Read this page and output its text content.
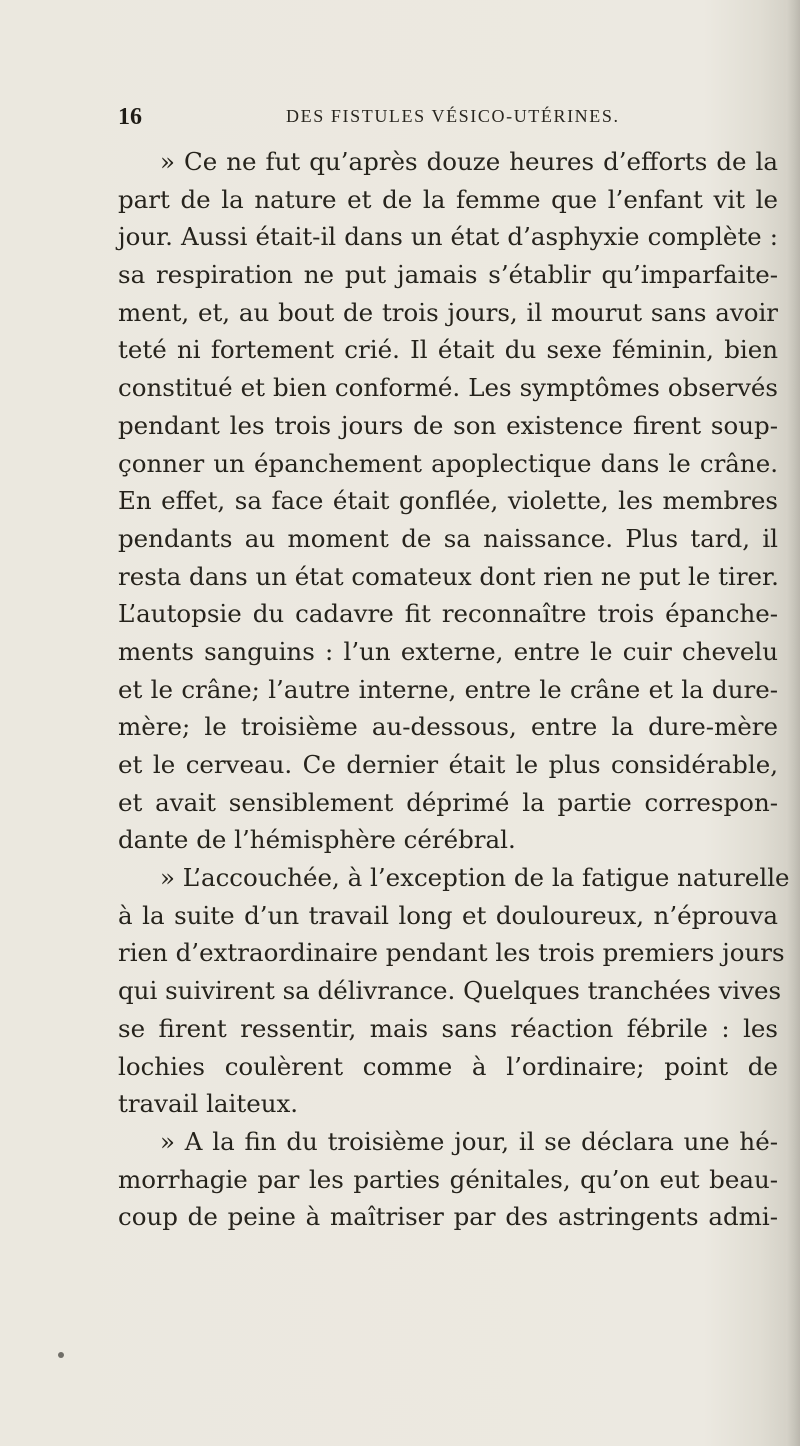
16	DES FISTULES VÉSICO-UTÉRINES.
» Ce ne fut qu’après douze heures d’efforts de la
part de la nature et de la femme que l’enfant vit le
jour. Aussi était-il dans un état d’asphyxie complète :
sa respiration ne put jamais s’établir qu’imparfaite-
ment, et, au bout de trois jours, il mourut sans avoir
teté ni fortement crié. Il était du sexe féminin, bien
constitué et bien conformé. Les symptômes observés
pendant les trois jours de son existence firent soup-
çonner un épanchement apoplectique dans le crâne.
En effet, sa face était gonflée, violette, les membres
pendants au moment de sa naissance. Plus tard, il
resta dans un état comateux dont rien ne put le tirer.
L’autopsie du cadavre fit reconnaître trois épanche-
ments sanguins : l’un externe, entre le cuir chevelu
et le crâne; l’autre interne, entre le crâne et la dure-
mère; le troisième au-dessous, entre la dure-mère
et le cerveau. Ce dernier était le plus considérable,
et avait sensiblement déprimé la partie correspon-
dante de l’hémisphère cérébral.
» L’accouchée, à l’exception de la fatigue naturelle
à la suite d’un travail long et douloureux, n’éprouva
rien d’extraordinaire pendant les trois premiers jours
qui suivirent sa délivrance. Quelques tranchées vives
se firent ressentir, mais sans réaction fébrile : les
lochies coulèrent comme à l’ordinaire; point de
travail laiteux.
» A la fin du troisième jour, il se déclara une hé-
morrhagie par les parties génitales, qu’on eut beau-
coup de peine à maîtriser par des astringents admi-
